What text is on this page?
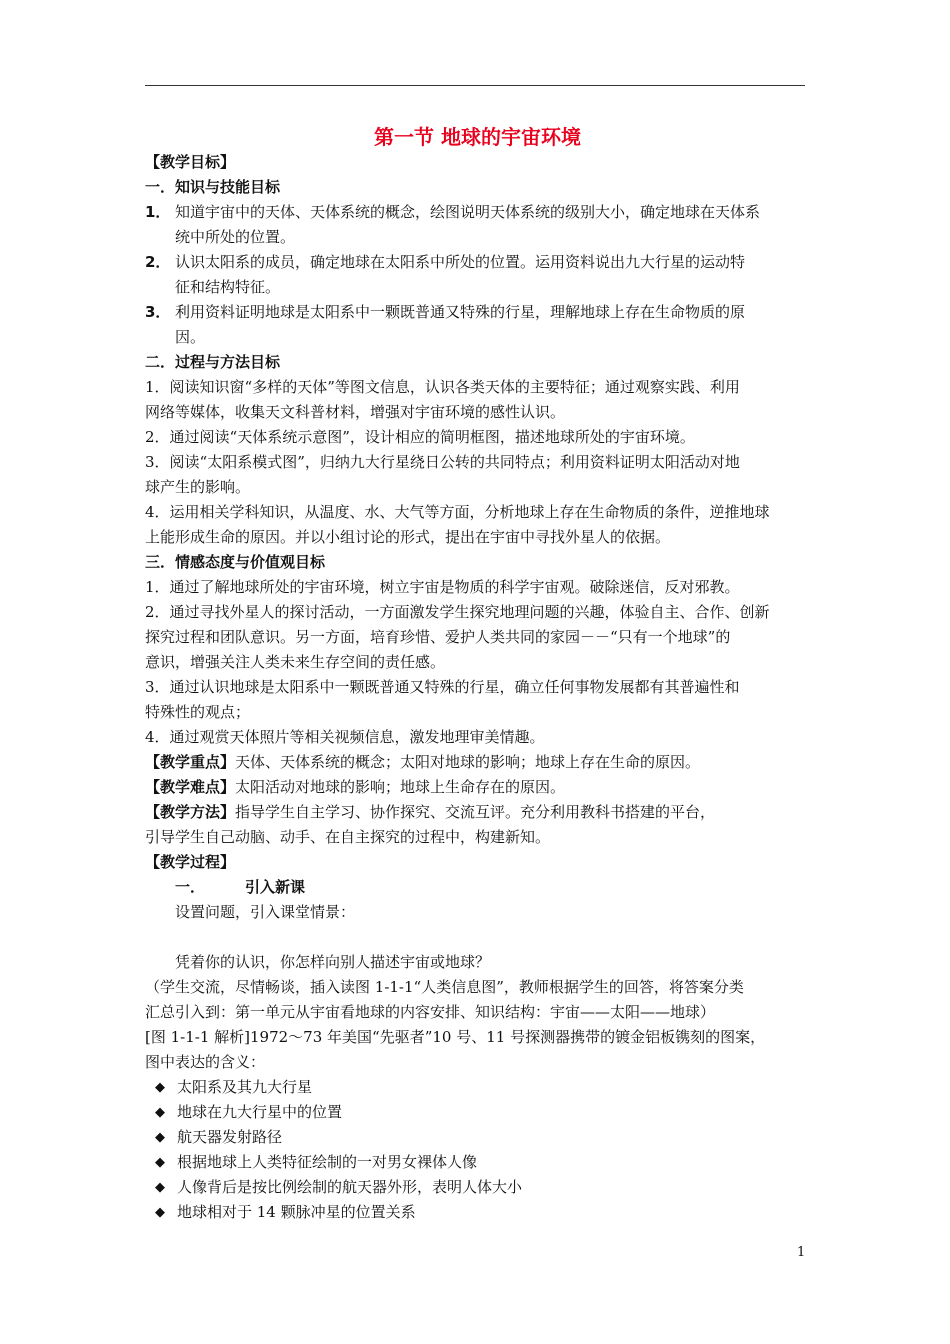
第一节 地球的宇宙环境
【教学目标】
一．知识与技能目标
1． 知道宇宙中的天体、天体系统的概念，绘图说明天体系统的级别大小，确定地球在天体系
统中所处的位置。
2． 认识太阳系的成员，确定地球在太阳系中所处的位置。运用资料说出九大行星的运动特
征和结构特征。
3． 利用资料证明地球是太阳系中一颗既普通又特殊的行星，理解地球上存在生命物质的原
因。
二．过程与方法目标
1．阅读知识窗“多样的天体”等图文信息，认识各类天体的主要特征；通过观察实践、利用
网络等媒体，收集天文科普材料，增强对宇宙环境的感性认识。
2．通过阅读“天体系统示意图”，设计相应的简明框图，描述地球所处的宇宙环境。
3．阅读“太阳系模式图”，归纳九大行星绕日公转的共同特点；利用资料证明太阳活动对地
球产生的影响。
4．运用相关学科知识，从温度、水、大气等方面，分析地球上存在生命物质的条件，逆推地球
上能形成生命的原因。并以小组讨论的形式，提出在宇宙中寻找外星人的依据。
三．情感态度与价值观目标
1．通过了解地球所处的宇宙环境，树立宇宙是物质的科学宇宙观。破除迷信，反对邪教。
2．通过寻找外星人的探讨活动，一方面激发学生探究地理问题的兴趣，体验自主、合作、创新
探究过程和团队意识。另一方面，培育珍惜、爱护人类共同的家园－－“只有一个地球”的
意识，增强关注人类未来生存空间的责任感。
3．通过认识地球是太阳系中一颗既普通又特殊的行星，确立任何事物发展都有其普遍性和
特殊性的观点；
4．通过观赏天体照片等相关视频信息，激发地理审美情趣。
【教学重点】天体、天体系统的概念；太阳对地球的影响；地球上存在生命的原因。
【教学难点】太阳活动对地球的影响；地球上生命存在的原因。
【教学方法】指导学生自主学习、协作探究、交流互评。充分利用教科书搭建的平台，
引导学生自己动脑、动手、在自主探究的过程中，构建新知。
【教学过程】
一．	引入新课
设置问题，引入课堂情景：
凭着你的认识，你怎样向别人描述宇宙或地球？
（学生交流，尽情畅谈，插入读图 1-1-1“人类信息图”，教师根据学生的回答，将答案分类
汇总引入到：第一单元从宇宙看地球的内容安排、知识结构：宇宙——太阳——地球）
[图 1-1-1 解析]1972～73 年美国“先驱者”10 号、11 号探测器携带的镀金铝板镌刻的图案，
图中表达的含义：
◆ 太阳系及其九大行星
◆ 地球在九大行星中的位置
◆ 航天器发射路径
◆ 根据地球上人类特征绘制的一对男女裸体人像
◆ 人像背后是按比例绘制的航天器外形，表明人体大小
◆ 地球相对于 14 颗脉冲星的位置关系
1
